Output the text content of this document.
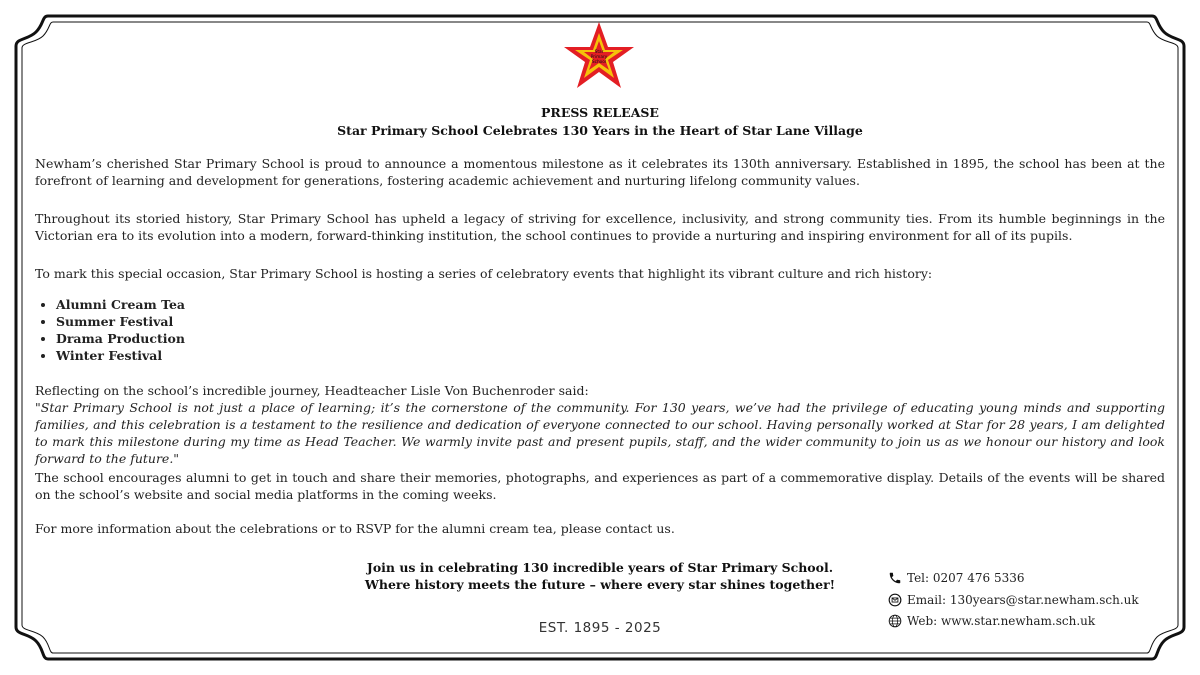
Star
Primary
School
PRESS RELEASE
Star Primary School Celebrates 130 Years in the Heart of Star Lane Village

Newham’s cherished Star Primary School is proud to announce a momentous milestone as it celebrates its 130th anniversary. Established in 1895, the school has been at the forefront of learning and development for generations, fostering academic achievement and nurturing lifelong community values.

Throughout its storied history, Star Primary School has upheld a legacy of striving for excellence, inclusivity, and strong community ties. From its humble beginnings in the Victorian era to its evolution into a modern, forward-thinking institution, the school continues to provide a nurturing and inspiring environment for all of its pupils.

To mark this special occasion, Star Primary School is hosting a series of celebratory events that highlight its vibrant culture and rich history:

• Alumni Cream Tea
• Summer Festival
• Drama Production
• Winter Festival

Reflecting on the school’s incredible journey, Headteacher Lisle Von Buchenroder said:

"Star Primary School is not just a place of learning; it’s the cornerstone of the community. For 130 years, we’ve had the privilege of educating young minds and supporting families, and this celebration is a testament to the resilience and dedication of everyone connected to our school. Having personally worked at Star for 28 years, I am delighted to mark this milestone during my time as Head Teacher. We warmly invite past and present pupils, staff, and the wider community to join us as we honour our history and look forward to the future."

The school encourages alumni to get in touch and share their memories, photographs, and experiences as part of a commemorative display. Details of the events will be shared on the school’s website and social media platforms in the coming weeks.

For more information about the celebrations or to RSVP for the alumni cream tea, please contact us.

Join us in celebrating 130 incredible years of Star Primary School.
Where history meets the future – where every star shines together!
EST. 1895 - 2025
Tel: 0207 476 5336
Email: 130years@star.newham.sch.uk
Web: www.star.newham.sch.uk
